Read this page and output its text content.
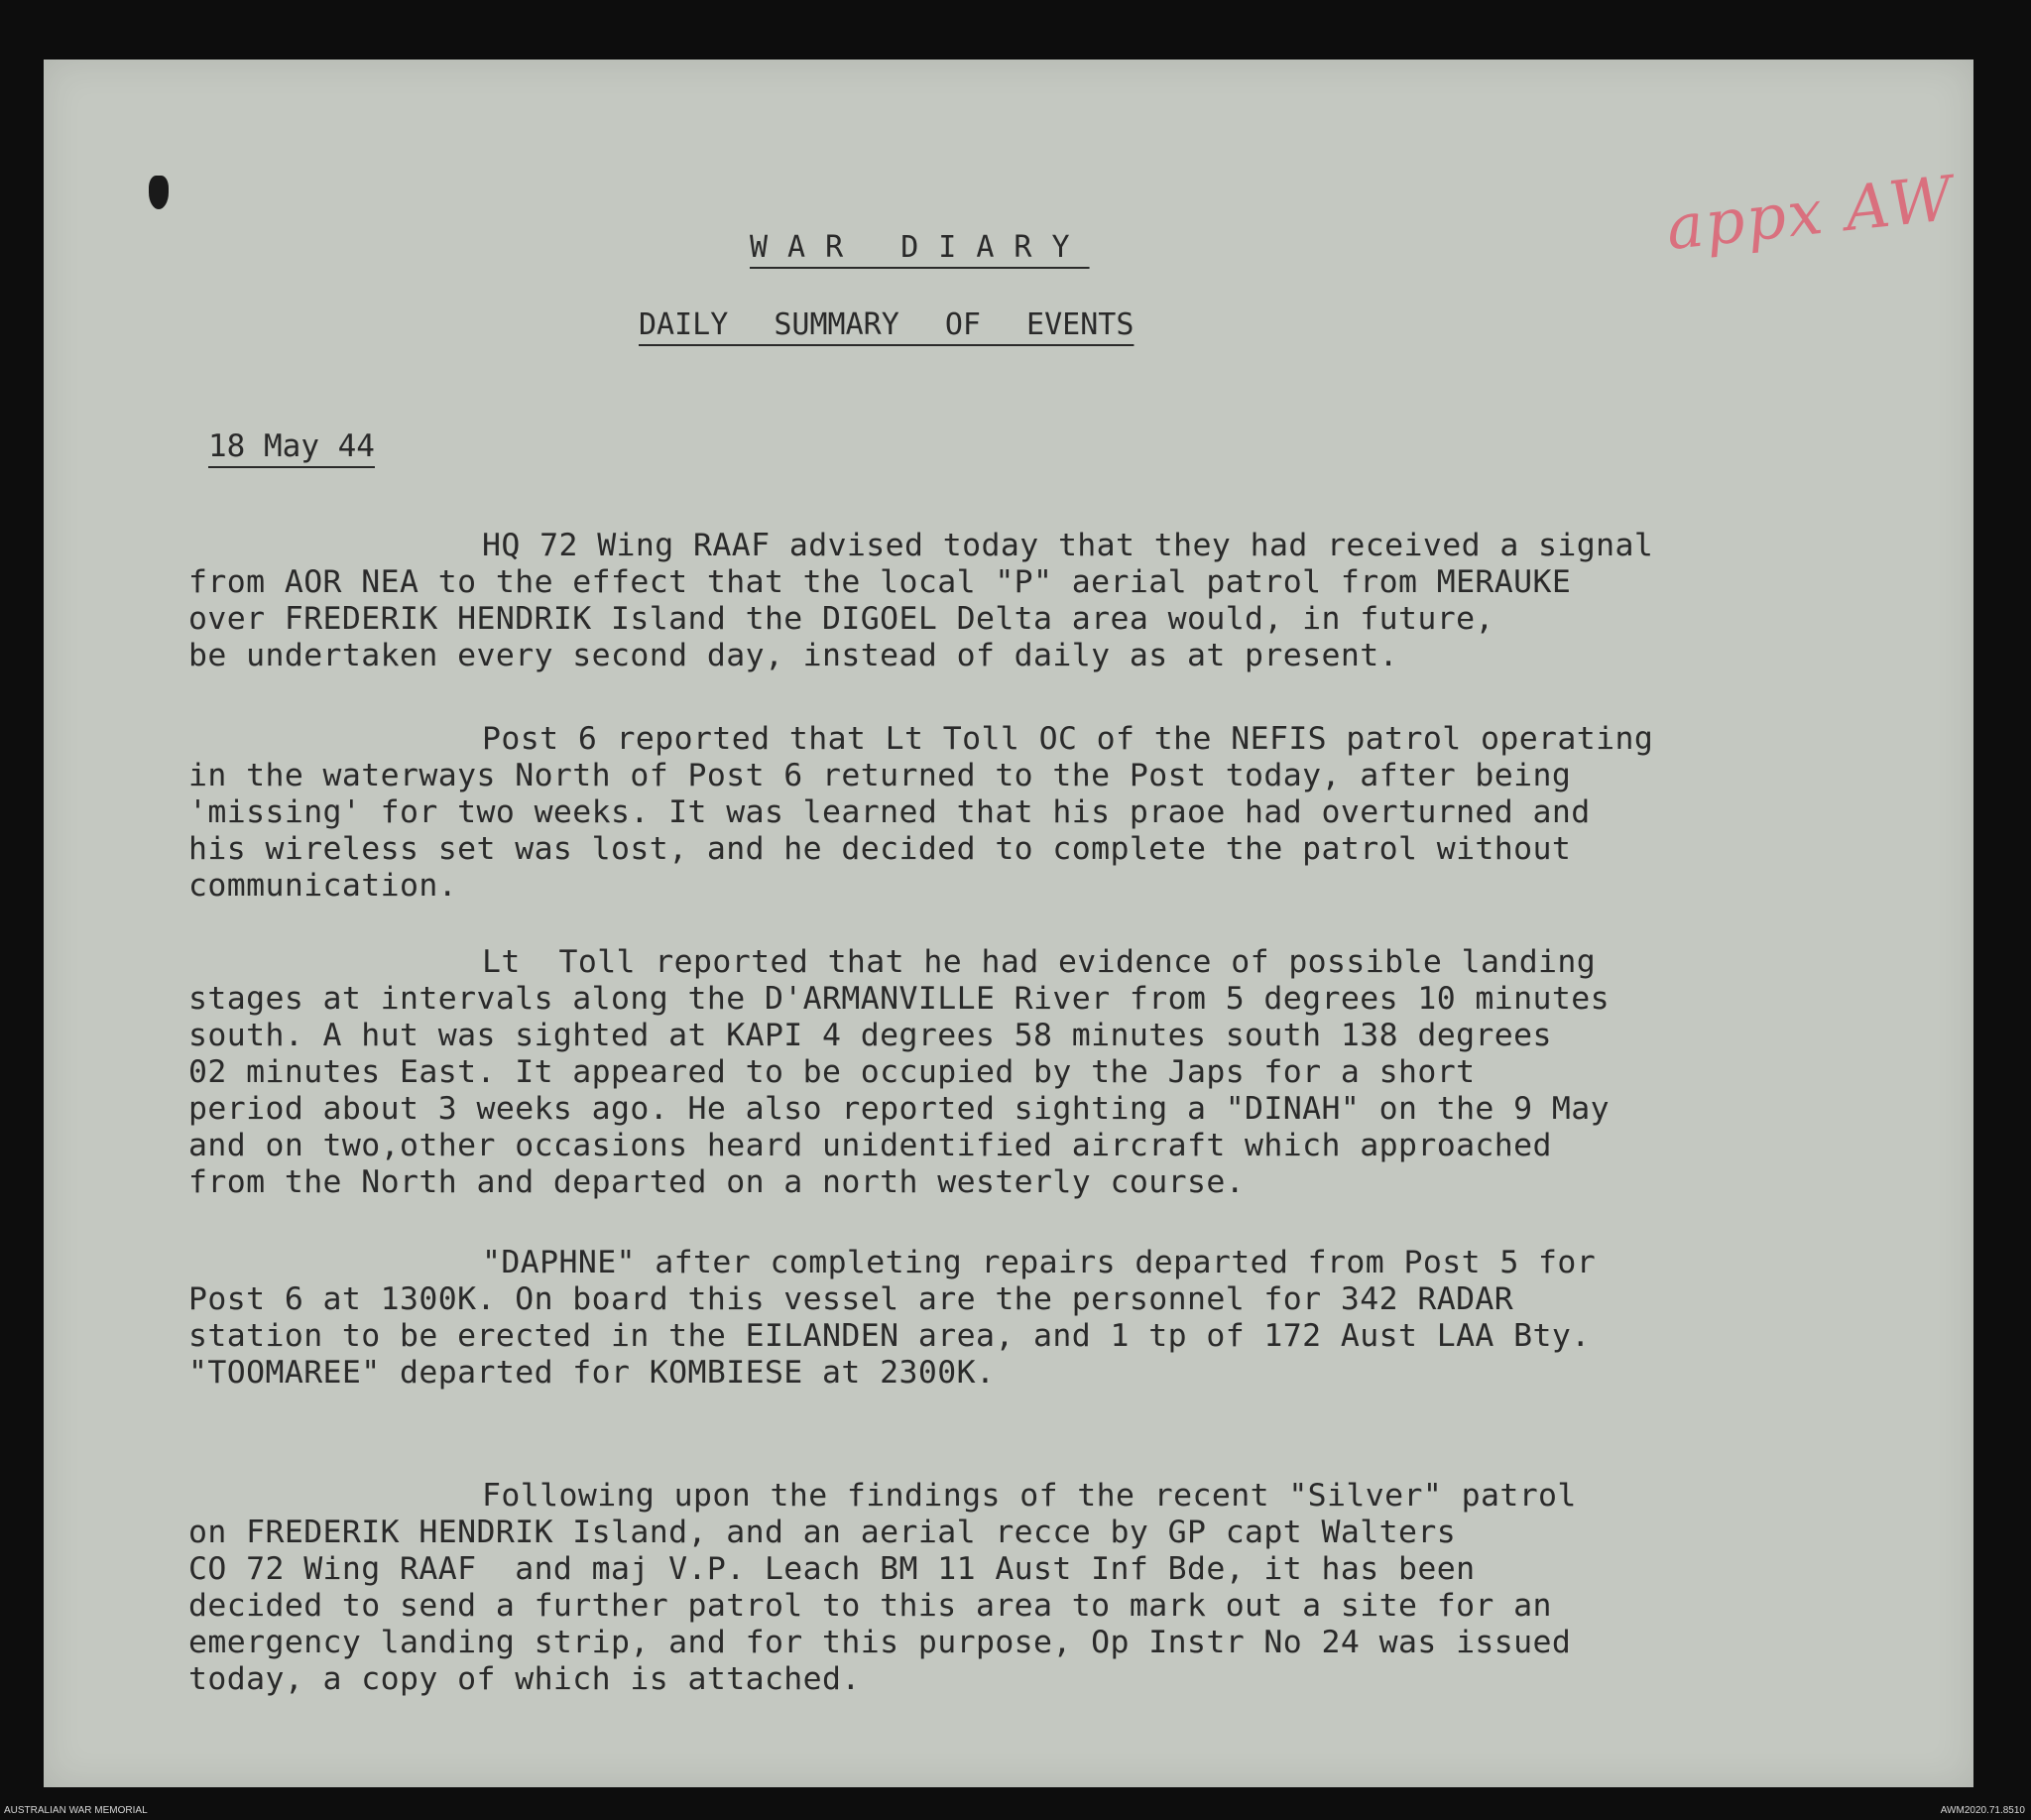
appx AW
WAR DIARY
DAILY SUMMARY OF EVENTS
18 May 44
HQ 72 Wing RAAF advised today that they had received a signal
from AOR NEA to the effect that the local "P" aerial patrol from MERAUKE
over FREDERIK HENDRIK Island the DIGOEL Delta area would, in future,
be undertaken every second day, instead of daily as at present.
Post 6 reported that Lt Toll OC of the NEFIS patrol operating
in the waterways North of Post 6 returned to the Post today, after being
'missing' for two weeks. It was learned that his praoe had overturned and
his wireless set was lost, and he decided to complete the patrol without
communication.
Lt  Toll reported that he had evidence of possible landing
stages at intervals along the D'ARMANVILLE River from 5 degrees 10 minutes
south. A hut was sighted at KAPI 4 degrees 58 minutes south 138 degrees
02 minutes East. It appeared to be occupied by the Japs for a short
period about 3 weeks ago. He also reported sighting a "DINAH" on the 9 May
and on two,other occasions heard unidentified aircraft which approached
from the North and departed on a north westerly course.
"DAPHNE" after completing repairs departed from Post 5 for
Post 6 at 1300K. On board this vessel are the personnel for 342 RADAR
station to be erected in the EILANDEN area, and 1 tp of 172 Aust LAA Bty.
"TOOMAREE" departed for KOMBIESE at 2300K.
Following upon the findings of the recent "Silver" patrol
on FREDERIK HENDRIK Island, and an aerial recce by GP capt Walters
CO 72 Wing RAAF  and maj V.P. Leach BM 11 Aust Inf Bde, it has been
decided to send a further patrol to this area to mark out a site for an
emergency landing strip, and for this purpose, Op Instr No 24 was issued
today, a copy of which is attached.
AUSTRALIAN WAR MEMORIAL	AWM2020.71.8510
